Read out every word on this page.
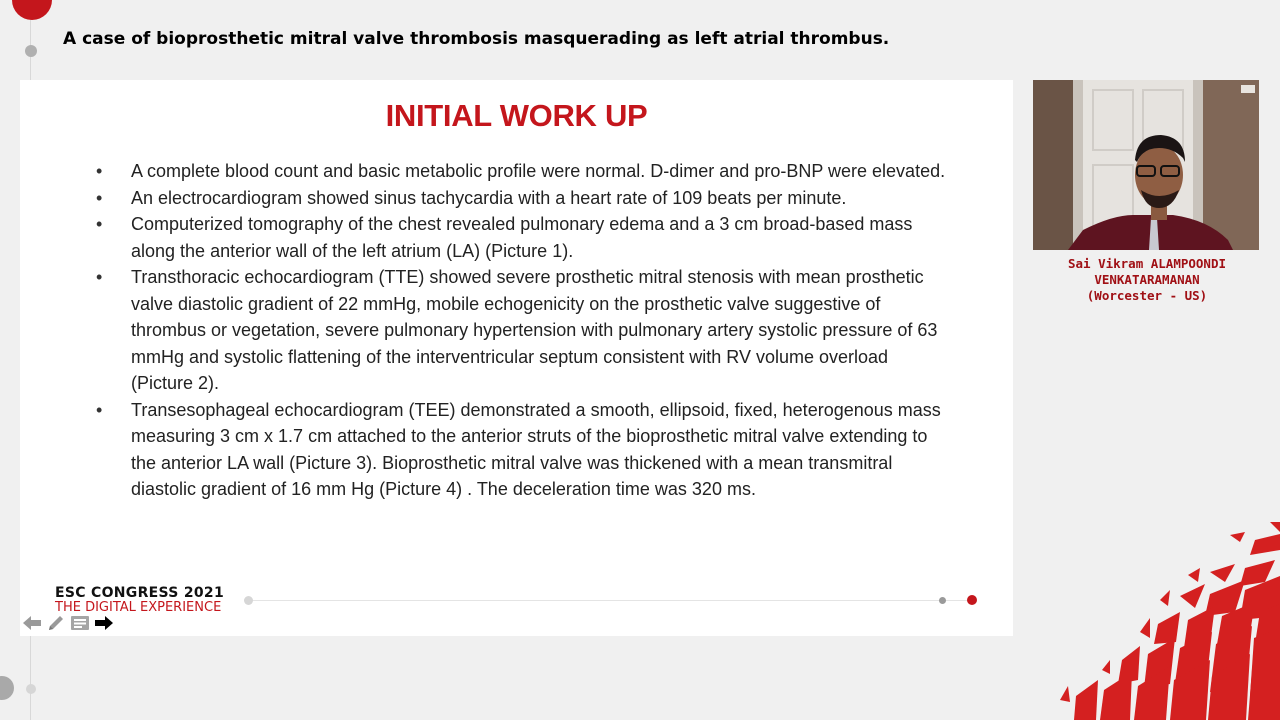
A case of bioprosthetic mitral valve thrombosis masquerading as left atrial thrombus.
INITIAL WORK UP
• A complete blood count and basic metabolic profile were normal. D-dimer and pro-BNP were elevated.
• An electrocardiogram showed sinus tachycardia with a heart rate of 109 beats per minute.
• Computerized tomography of the chest revealed pulmonary edema and a 3 cm broad-based mass along the anterior wall of the left atrium (LA) (Picture 1).
• Transthoracic echocardiogram (TTE) showed severe prosthetic mitral stenosis with mean prosthetic valve diastolic gradient of 22 mmHg, mobile echogenicity on the prosthetic valve suggestive of thrombus or vegetation, severe pulmonary hypertension with pulmonary artery systolic pressure of 63 mmHg and systolic flattening of the interventricular septum consistent with RV volume overload (Picture 2).
• Transesophageal echocardiogram (TEE) demonstrated a smooth, ellipsoid, fixed, heterogenous mass measuring 3 cm x 1.7 cm attached to the anterior struts of the bioprosthetic mitral valve extending to the anterior LA wall (Picture 3). Bioprosthetic mitral valve was thickened with a mean transmitral diastolic gradient of 16 mm Hg (Picture 4) . The deceleration time was 320 ms.
ESC CONGRESS 2021
THE DIGITAL EXPERIENCE
Sai Vikram ALAMPOONDI
VENKATARAMANAN
(Worcester - US)
